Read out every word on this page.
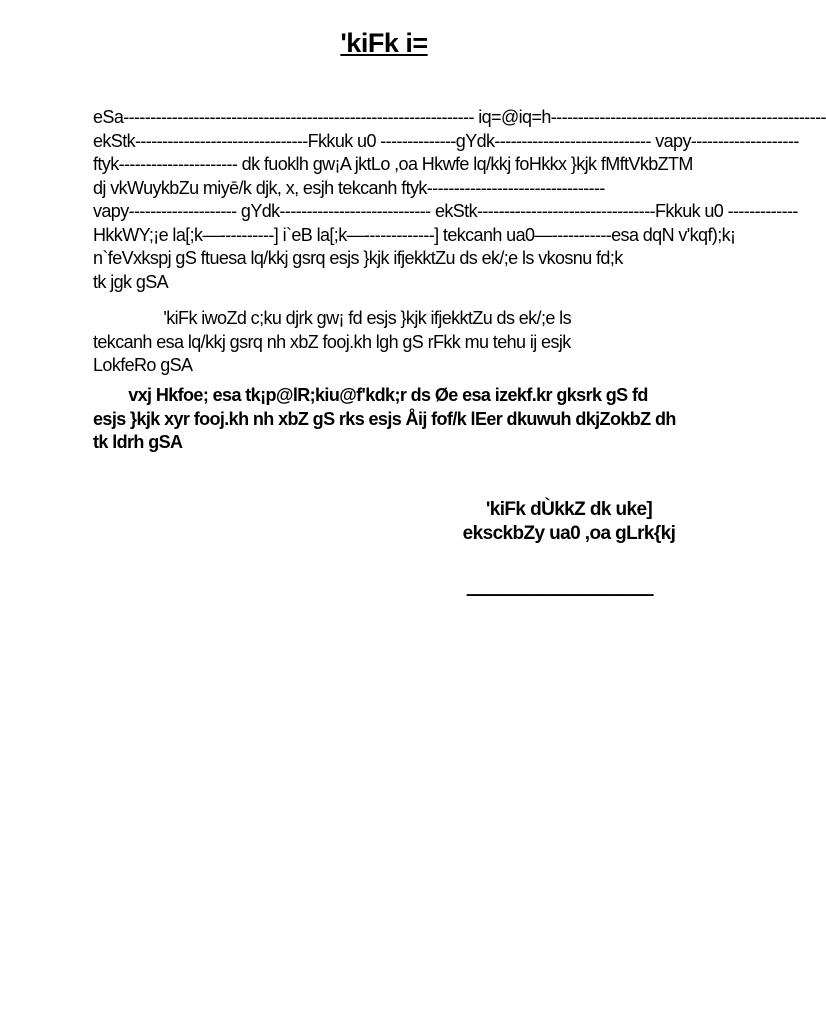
'kiFk i=
eSa----------------------------------------------------------------- iq=@iq=h---------------------------------------------------
ekStk--------------------------------Fkkuk u0 --------------gYdk----------------------------- vapy--------------------
ftyk---------------------- dk fuoklh gw¡A jktLo ,oa Hkwfe lq/kkj foHkkx }kjk fMftVkbZTM
dj vkWuykbZu miyē/k djk, x, esjh tekcanh ftyk---------------------------------
vapy-------------------- gYdk---------------------------- ekStk---------------------------------Fkkuk u0 -------------
HkkWY;¡e la[;k—----------] i`eB la[;k—-------------] tekcanh ua0—-----------esa dqN v'kqf);k¡
n`feVxkspj gS ftuesa lq/kkj gsrq esjs }kjk ifjekktZu ds ek/;e ls vkosnu fd;k
tk jgk gSA
'kiFk iwoZd c;ku djrk gw¡ fd esjs }kjk ifjekktZu ds ek/;e ls
tekcanh esa lq/kkj gsrq nh xbZ fooj.kh lgh gS rFkk mu tehu ij esjk
LokfeRo gSA
vxj Hkfoe; esa tk¡p@lR;kiu@f'kdk;r ds Øe esa izekf.kr gksrk gS fd
esjs }kjk xyr fooj.kh nh xbZ gS rks esjs Åij fof/k lEer dkuwuh dkjZokbZ dh
tk ldrh gSA
'kiFk dÙkkZ dk uke]
eksckbZy ua0 ,oa gLrk{kj
--------------------------------------------------------
